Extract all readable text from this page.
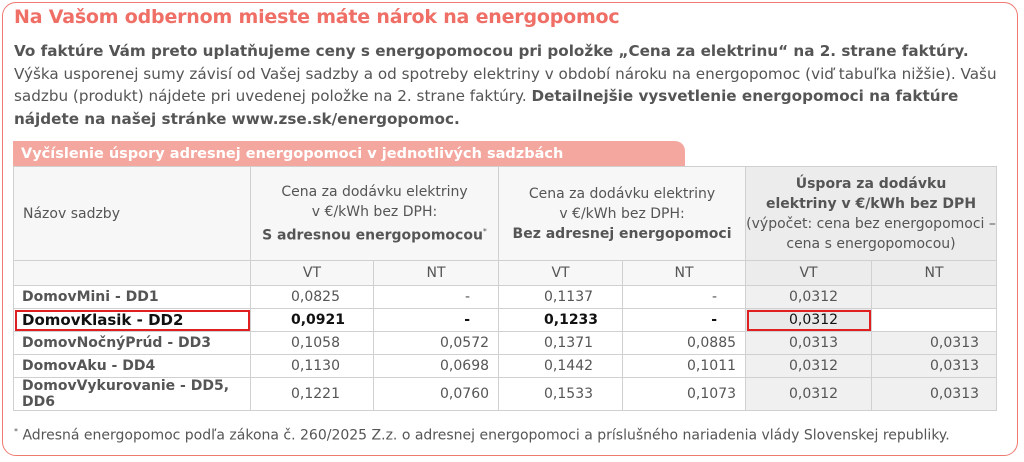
Na Vašom odbernom mieste máte nárok na energopomoc
Vo faktúre Vám preto uplatňujeme ceny s energopomocou pri položke „Cena za elektrinu“ na 2. strane faktúry. Výška usporenej sumy závisí od Vašej sadzby a od spotreby elektriny v období nároku na energopomoc (viď tabuľka nižšie). Vašu sadzbu (produkt) nájdete pri uvedenej položke na 2. strane faktúry. Detailnejšie vysvetlenie energopomoci na faktúre nájdete na našej stránke www.zse.sk/energopomoc.
Vyčíslenie úspory adresnej energopomoci v jednotlivých sadzbách
Názov sadzby	Cena za dodávku elektriny
v €/kWh bez DPH:
S adresnou energopomocou*		Cena za dodávku elektriny
v €/kWh bez DPH:
Bez adresnej energopomoci		Úspora za dodávku
elektriny v €/kWh bez DPH
(výpočet: cena bez energopomoci –
cena s energopomocou)	
	VT	NT	VT	NT	VT	NT
DomovMini - DD1	0,0825	-	0,1137	-	0,0312	
DomovKlasik - DD2	0,0921	-	0,1233	-	0,0312	
DomovNočnýPrúd - DD3	0,1058	0,0572	0,1371	0,0885	0,0313	0,0313
DomovAku - DD4	0,1130	0,0698	0,1442	0,1011	0,0312	0,0313
DomovVykurovanie - DD5, DD6	0,1221	0,0760	0,1533	0,1073	0,0312	0,0313
* Adresná energopomoc podľa zákona č. 260/2025 Z.z. o adresnej energopomoci a príslušného nariadenia vlády Slovenskej republiky.
